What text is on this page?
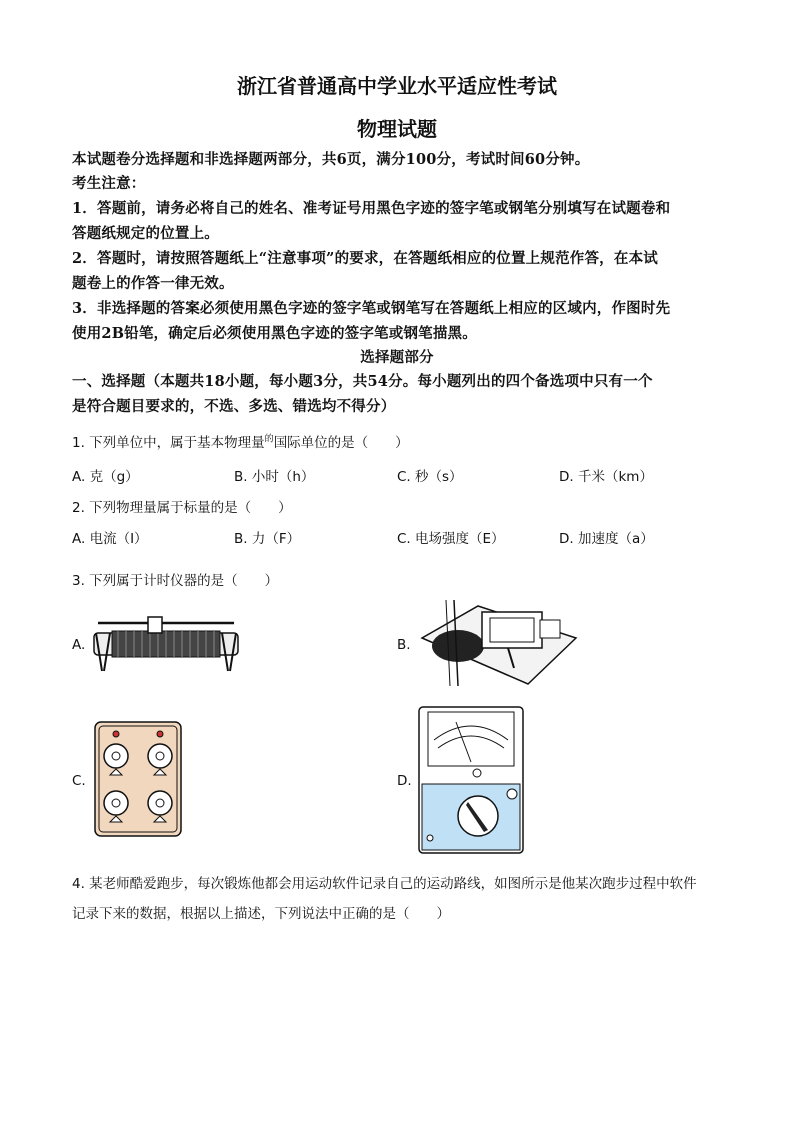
浙江省普通高中学业水平适应性考试
物理试题
本试题卷分选择题和非选择题两部分，共6页，满分100分，考试时间60分钟。
考生注意：
1．答题前，请务必将自己的姓名、准考证号用黑色字迹的签字笔或钢笔分别填写在试题卷和
答题纸规定的位置上。
2．答题时，请按照答题纸上“注意事项”的要求，在答题纸相应的位置上规范作答，在本试
题卷上的作答一律无效。
3．非选择题的答案必须使用黑色字迹的签字笔或钢笔写在答题纸上相应的区域内，作图时先
使用2B铅笔，确定后必须使用黑色字迹的签字笔或钢笔描黑。
选择题部分
一、选择题（本题共18小题，每小题3分，共54分。每小题列出的四个备选项中只有一个
是符合题目要求的，不选、多选、错选均不得分）
1. 下列单位中，属于基本物理量$^的$国际单位的是（　　）
A. 克（g）	B. 小时（h）	C. 秒（s）	D. 千米（km）
2. 下列物理量属于标量的是（　　）
A. 电流（I）	B. 力（F）	C. 电场强度（E）	D. 加速度（a）
3. 下列属于计时仪器的是（　　）
A.	B.
C.	D.
4. 某老师酷爱跑步，每次锻炼他都会用运动软件记录自己的运动路线，如图所示是他某次跑步过程中软件
记录下来的数据，根据以上描述，下列说法中正确的是（　　）
